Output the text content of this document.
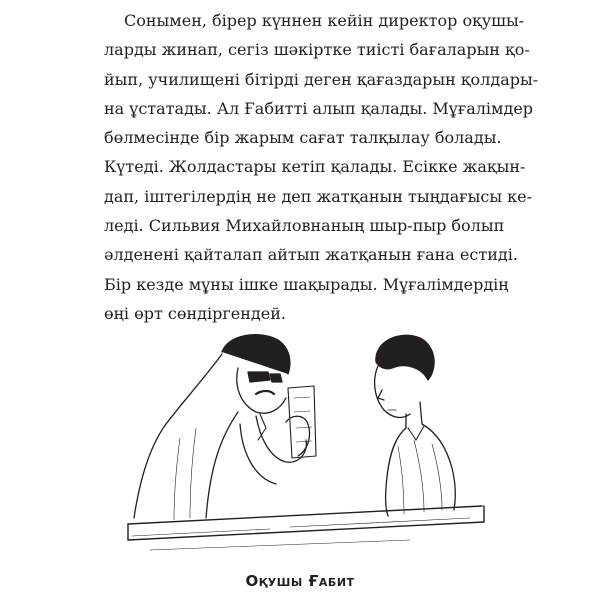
Сонымен, бірер күннен кейін директор оқушы-
ларды жинап, сегіз шәкіртке тиісті бағаларын қо-
йып, училищені бітірді деген қағаздарын қолдары-
на ұстатады. Ал Ғабитті алып қалады. Мұғалімдер
бөлмесінде бір жарым сағат талқылау болады.
Күтеді. Жолдастары кетіп қалады. Есікке жақын-
дап, іштегілердің не деп жатқанын тыңдағысы ке-
леді. Сильвия Михайловнаның шыр-пыр болып
әлденені қайталап айтып жатқанын ғана естиді.
Бір кезде мұны ішке шақырады. Мұғалімдердің
өңі өрт сөндіргендей.
Оқушы Ғабит
